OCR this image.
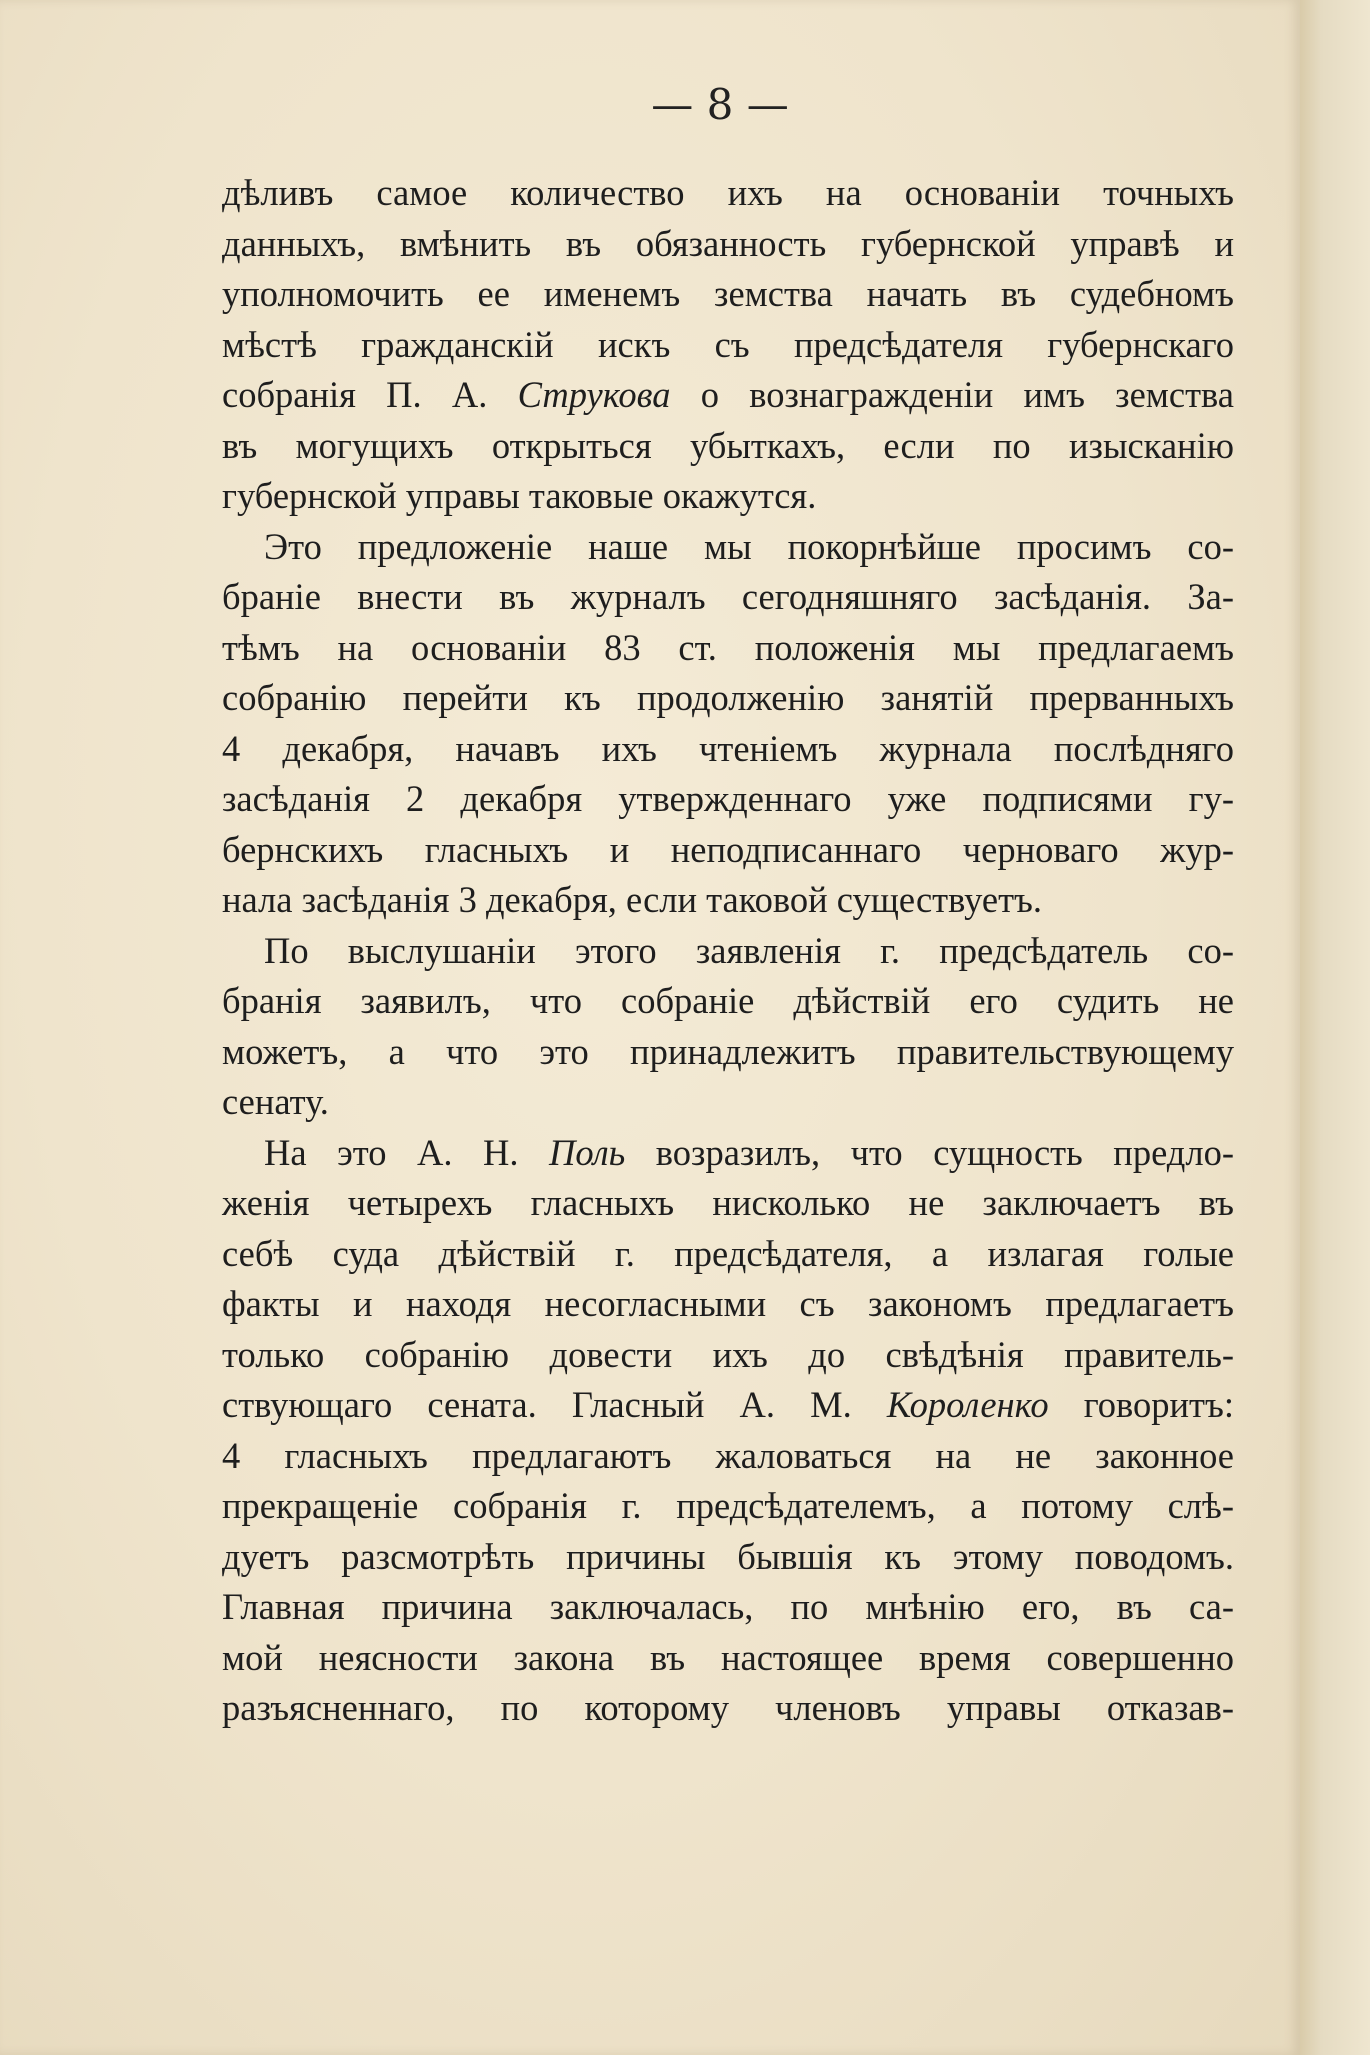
— 8 —
дѣливъ самое количество ихъ на основаніи точныхъ
данныхъ, вмѣнить въ обязанность губернской управѣ и
уполномочить ее именемъ земства начать въ судебномъ
мѣстѣ гражданскій искъ съ предсѣдателя губернскаго
собранія П. А. Струкова о вознагражденіи имъ земства
въ могущихъ открыться убыткахъ, если по изысканію
губернской управы таковые окажутся.
Это предложеніе наше мы покорнѣйше просимъ со-
браніе внести въ журналъ сегодняшняго засѣданія. За-
тѣмъ на основаніи 83 ст. положенія мы предлагаемъ
собранію перейти къ продолженію занятій прерванныхъ
4 декабря, начавъ ихъ чтеніемъ журнала послѣдняго
засѣданія 2 декабря утвержденнаго уже подписями гу-
бернскихъ гласныхъ и неподписаннаго черноваго жур-
нала засѣданія 3 декабря, если таковой существуетъ.
По выслушаніи этого заявленія г. предсѣдатель со-
бранія заявилъ, что собраніе дѣйствій его судить не
можетъ, а что это принадлежитъ правительствующему
сенату.
На это А. Н. Поль возразилъ, что сущность предло-
женія четырехъ гласныхъ нисколько не заключаетъ въ
себѣ суда дѣйствій г. предсѣдателя, а излагая голые
факты и находя несогласными съ закономъ предлагаетъ
только собранію довести ихъ до свѣдѣнія правитель-
ствующаго сената. Гласный А. М. Короленко говоритъ:
4 гласныхъ предлагаютъ жаловаться на не законное
прекращеніе собранія г. предсѣдателемъ, а потому слѣ-
дуетъ разсмотрѣть причины бывшія къ этому поводомъ.
Главная причина заключалась, по мнѣнію его, въ са-
мой неясности закона въ настоящее время совершенно
разъясненнаго, по которому членовъ управы отказав-
